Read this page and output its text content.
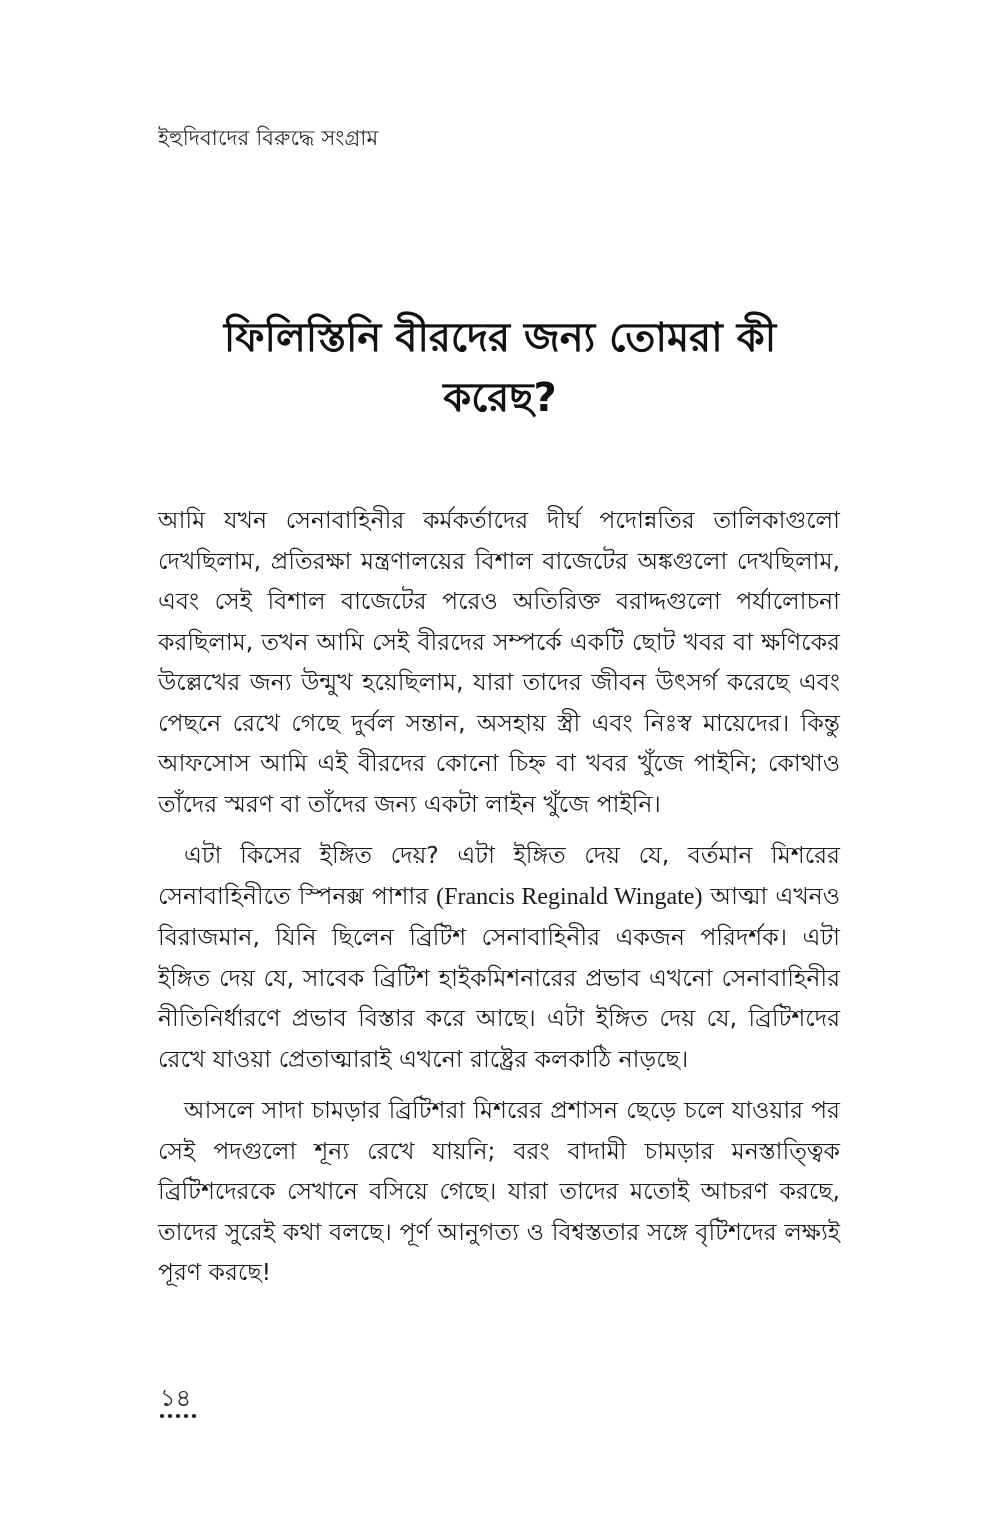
ইহুদিবাদের বিরুদ্ধে সংগ্রাম
ফিলিস্তিনি বীরদের জন্য তোমরা কী
করেছ?

আমি যখন সেনাবাহিনীর কর্মকর্তাদের দীর্ঘ পদোন্নতির তালিকাগুলো দেখছিলাম, প্রতিরক্ষা মন্ত্রণালয়ের বিশাল বাজেটের অঙ্কগুলো দেখছিলাম, এবং সেই বিশাল বাজেটের পরেও অতিরিক্ত বরাদ্দগুলো পর্যালোচনা করছিলাম, তখন আমি সেই বীরদের সম্পর্কে একটি ছোট খবর বা ক্ষণিকের উল্লেখের জন্য উন্মুখ হয়েছিলাম, যারা তাদের জীবন উৎসর্গ করেছে এবং পেছনে রেখে গেছে দুর্বল সন্তান, অসহায় স্ত্রী এবং নিঃস্ব মায়েদের। কিন্তু আফসোস আমি এই বীরদের কোনো চিহ্ন বা খবর খুঁজে পাইনি; কোথাও তাঁদের স্মরণ বা তাঁদের জন্য একটা লাইন খুঁজে পাইনি।

এটা কিসের ইঙ্গিত দেয়? এটা ইঙ্গিত দেয় যে, বর্তমান মিশরের সেনাবাহিনীতে স্পিনক্স পাশার (Francis Reginald Wingate) আত্মা এখনও বিরাজমান, যিনি ছিলেন ব্রিটিশ সেনাবাহিনীর একজন পরিদর্শক। এটা ইঙ্গিত দেয় যে, সাবেক ব্রিটিশ হাইকমিশনারের প্রভাব এখনো সেনাবাহিনীর নীতিনির্ধারণে প্রভাব বিস্তার করে আছে। এটা ইঙ্গিত দেয় যে, ব্রিটিশদের রেখে যাওয়া প্রেতাত্মারাই এখনো রাষ্ট্রের কলকাঠি নাড়ছে।

আসলে সাদা চামড়ার ব্রিটিশরা মিশরের প্রশাসন ছেড়ে চলে যাওয়ার পর সেই পদগুলো শূন্য রেখে যায়নি; বরং বাদামী চামড়ার মনস্তাত্ত্বিক ব্রিটিশদেরকে সেখানে বসিয়ে গেছে। যারা তাদের মতোই আচরণ করছে, তাদের সুরেই কথা বলছে। পূর্ণ আনুগত্য ও বিশ্বস্ততার সঙ্গে বৃটিশদের লক্ষ্যই পূরণ করছে!

১৪
